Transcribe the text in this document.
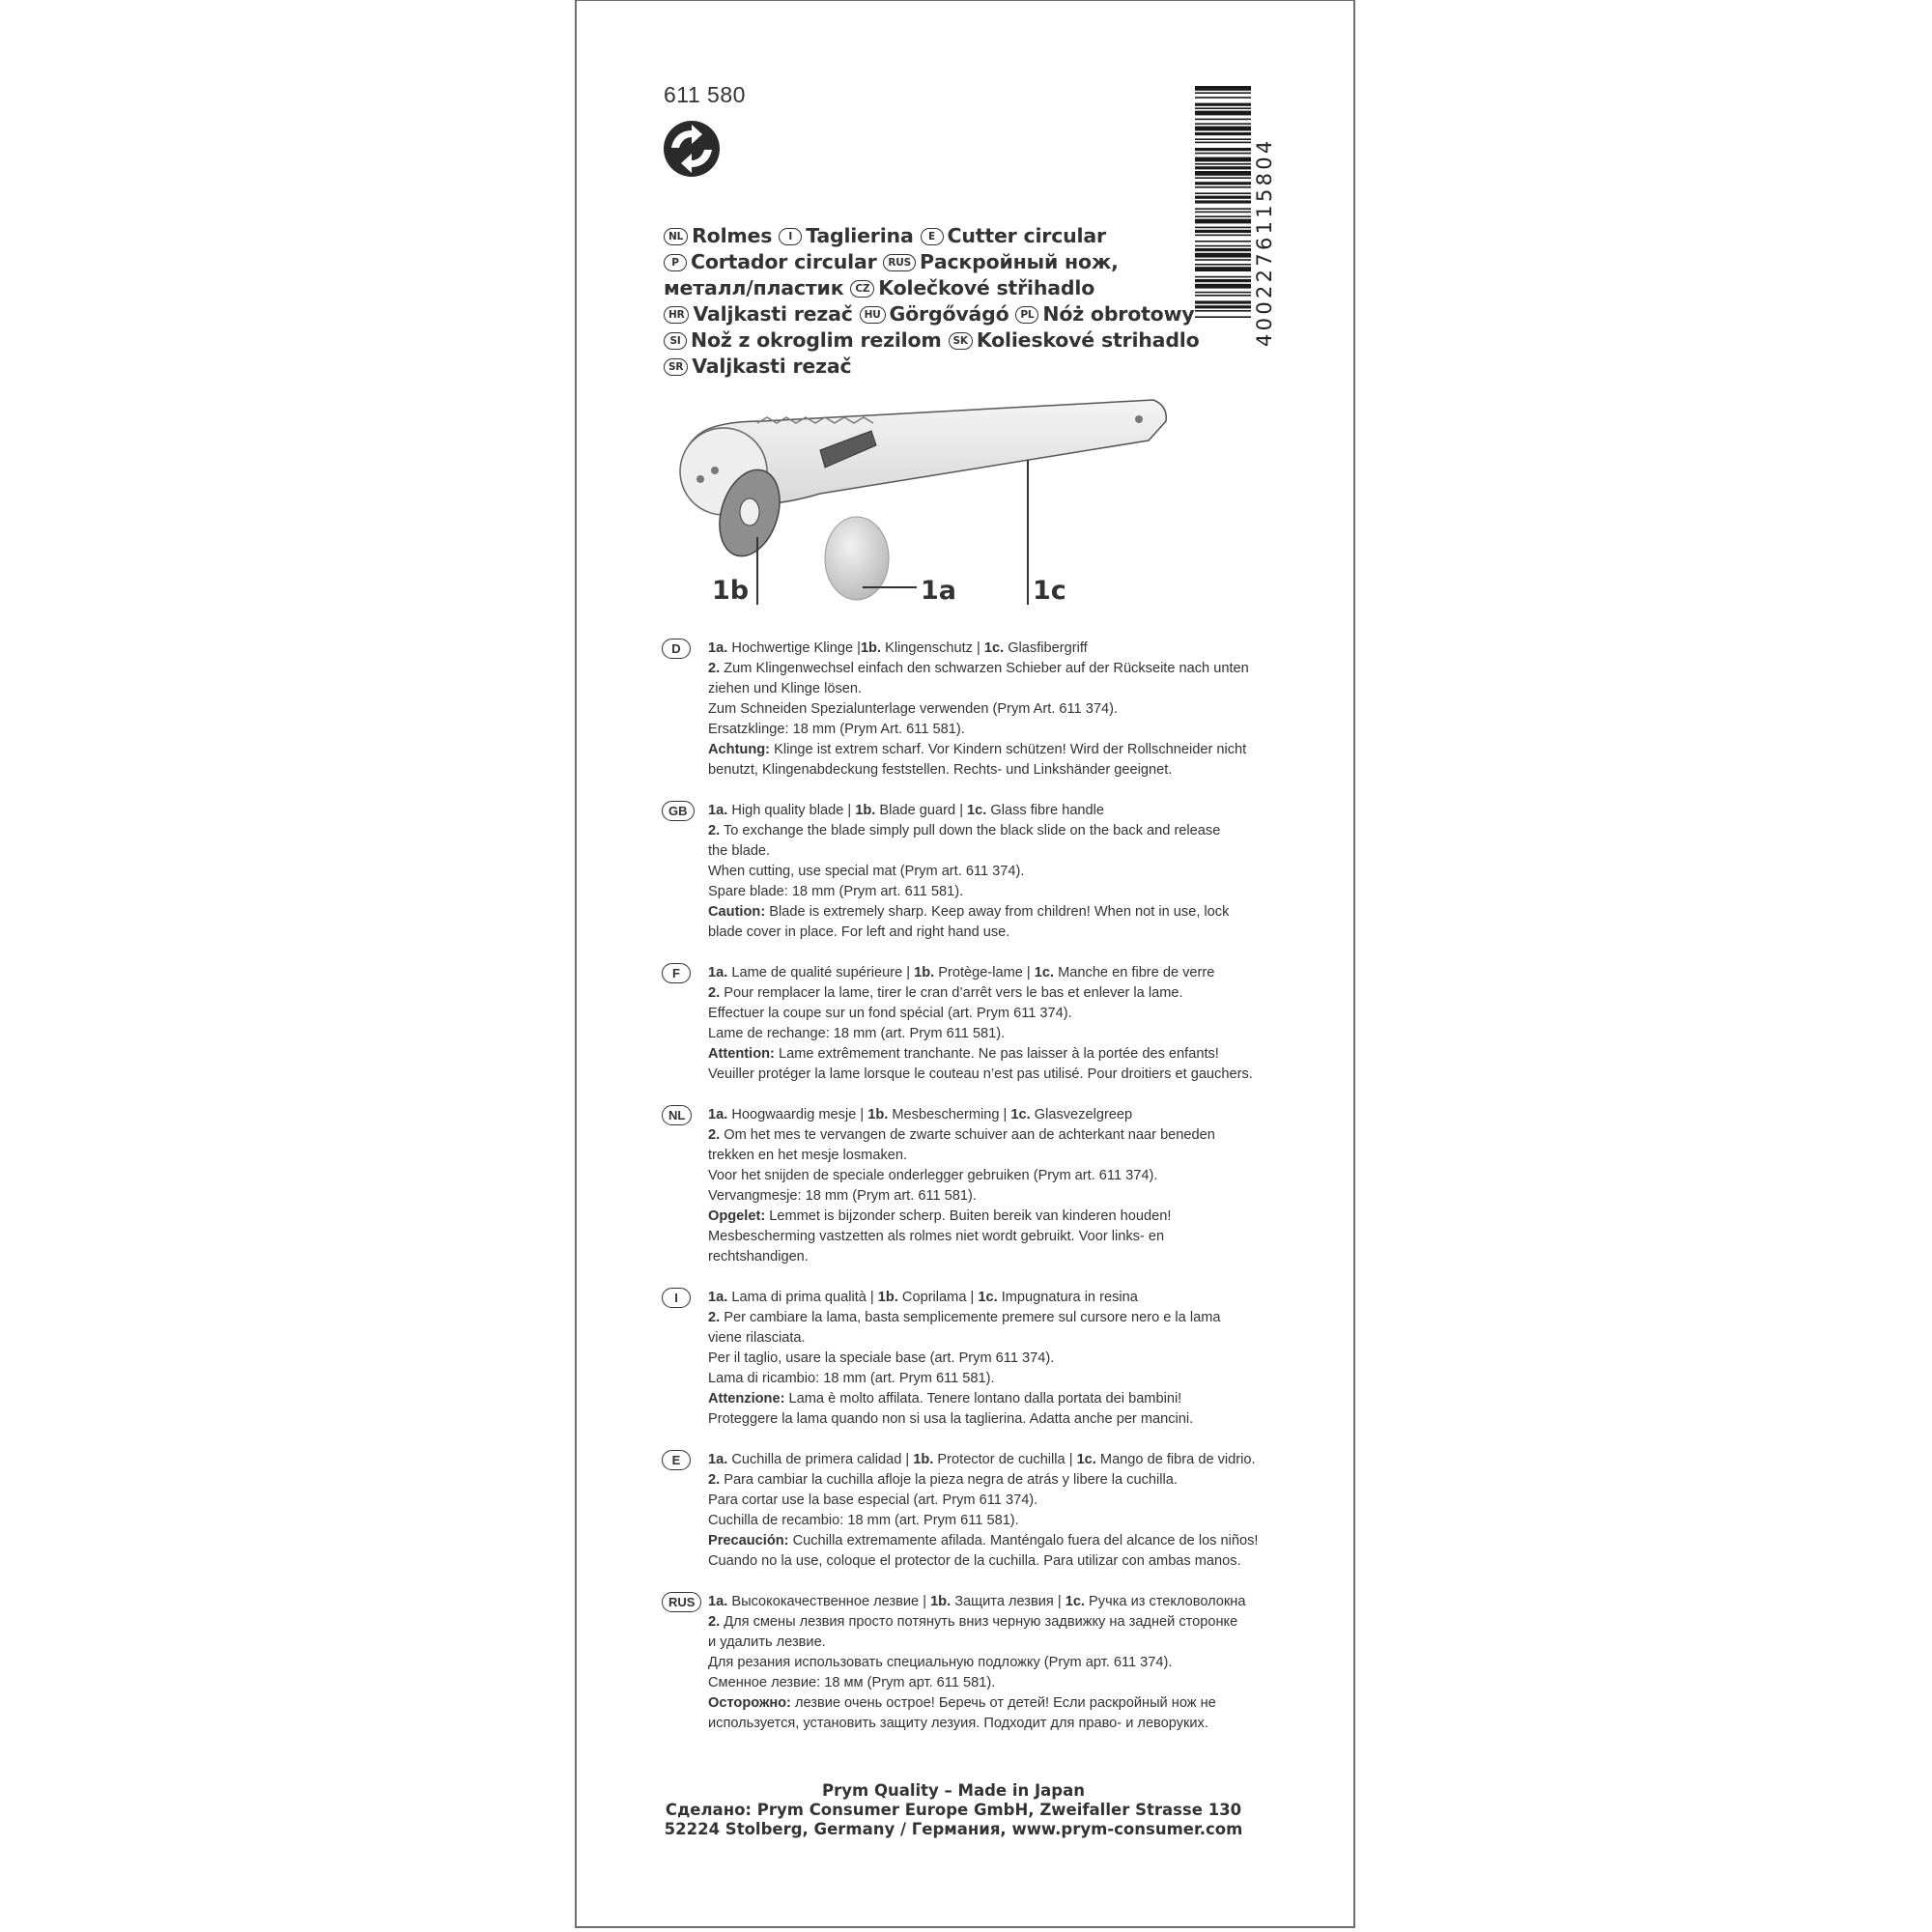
611 580
4002276115804
NL Rolmes I Taglierina E Cutter circular
P Cortador circular RUS Раскройный нож,
металл/пластик CZ Kolečkové střihadlo
HR Valjkasti rezač HU Görgővágó PL Nóż obrotowy
SI Nož z okroglim rezilom SK Kolieskové strihadlo
SR Valjkasti rezač
1b	1a	1c
D	1a. Hochwertige Klinge |1b. Klingenschutz | 1c. Glasfibergriff

2. Zum Klingenwechsel einfach den schwarzen Schieber auf der Rückseite nach unten

ziehen und Klinge lösen.

Zum Schneiden Spezialunterlage verwenden (Prym Art. 611 374).

Ersatzklinge: 18 mm (Prym Art. 611 581).

Achtung: Klinge ist extrem scharf. Vor Kindern schützen! Wird der Rollschneider nicht

benutzt, Klingenabdeckung feststellen. Rechts- und Linkshänder geeignet.

GB	1a. High quality blade | 1b. Blade guard | 1c. Glass fibre handle

2. To exchange the blade simply pull down the black slide on the back and release

the blade.

When cutting, use special mat (Prym art. 611 374).

Spare blade: 18 mm (Prym art. 611 581).

Caution: Blade is extremely sharp. Keep away from children! When not in use, lock

blade cover in place. For left and right hand use.

F	1a. Lame de qualité supérieure | 1b. Protège-lame | 1c. Manche en fibre de verre

2. Pour remplacer la lame, tirer le cran d’arrêt vers le bas et enlever la lame.

Effectuer la coupe sur un fond spécial (art. Prym 611 374).

Lame de rechange: 18 mm (art. Prym 611 581).

Attention: Lame extrêmement tranchante. Ne pas laisser à la portée des enfants!

Veuiller protéger la lame lorsque le couteau n’est pas utilisé. Pour droitiers et gauchers.

NL	1a. Hoogwaardig mesje | 1b. Mesbescherming | 1c. Glasvezelgreep

2. Om het mes te vervangen de zwarte schuiver aan de achterkant naar beneden

trekken en het mesje losmaken.

Voor het snijden de speciale onderlegger gebruiken (Prym art. 611 374).

Vervangmesje: 18 mm (Prym art. 611 581).

Opgelet: Lemmet is bijzonder scherp. Buiten bereik van kinderen houden!

Mesbescherming vastzetten als rolmes niet wordt gebruikt. Voor links- en

rechtshandigen.

I	1a. Lama di prima qualità | 1b. Coprilama | 1c. Impugnatura in resina

2. Per cambiare la lama, basta semplicemente premere sul cursore nero e la lama

viene rilasciata.

Per il taglio, usare la speciale base (art. Prym 611 374).

Lama di ricambio: 18 mm (art. Prym 611 581).

Attenzione: Lama è molto affilata. Tenere lontano dalla portata dei bambini!

Proteggere la lama quando non si usa la taglierina. Adatta anche per mancini.

E	1a. Cuchilla de primera calidad | 1b. Protector de cuchilla | 1c. Mango de fibra de vidrio.

2. Para cambiar la cuchilla afloje la pieza negra de atrás y libere la cuchilla.

Para cortar use la base especial (art. Prym 611 374).

Cuchilla de recambio: 18 mm (art. Prym 611 581).

Precaución: Cuchilla extremamente afilada. Manténgalo fuera del alcance de los niños!

Cuando no la use, coloque el protector de la cuchilla. Para utilizar con ambas manos.

RUS 1a. Высококачественное лезвие | 1b. Защита лезвия | 1c. Ручка из стекловолокна

2. Для смены лезвия просто потянуть вниз черную задвижку на задней сторонке

и удалить лезвие.

Для резания использовать специальную подложку (Prym арт. 611 374).

Сменное лезвие: 18 мм (Prym арт. 611 581).

Осторожно: лезвие очень острое! Беречь от детей! Если раскройный нож не

используется, установить защиту лезуия. Подходит для право- и леворуких.

Prym Quality – Made in Japan
Сделано: Prym Consumer Europe GmbH, Zweifaller Strasse 130
52224 Stolberg, Germany / Германия, www.prym-consumer.com
